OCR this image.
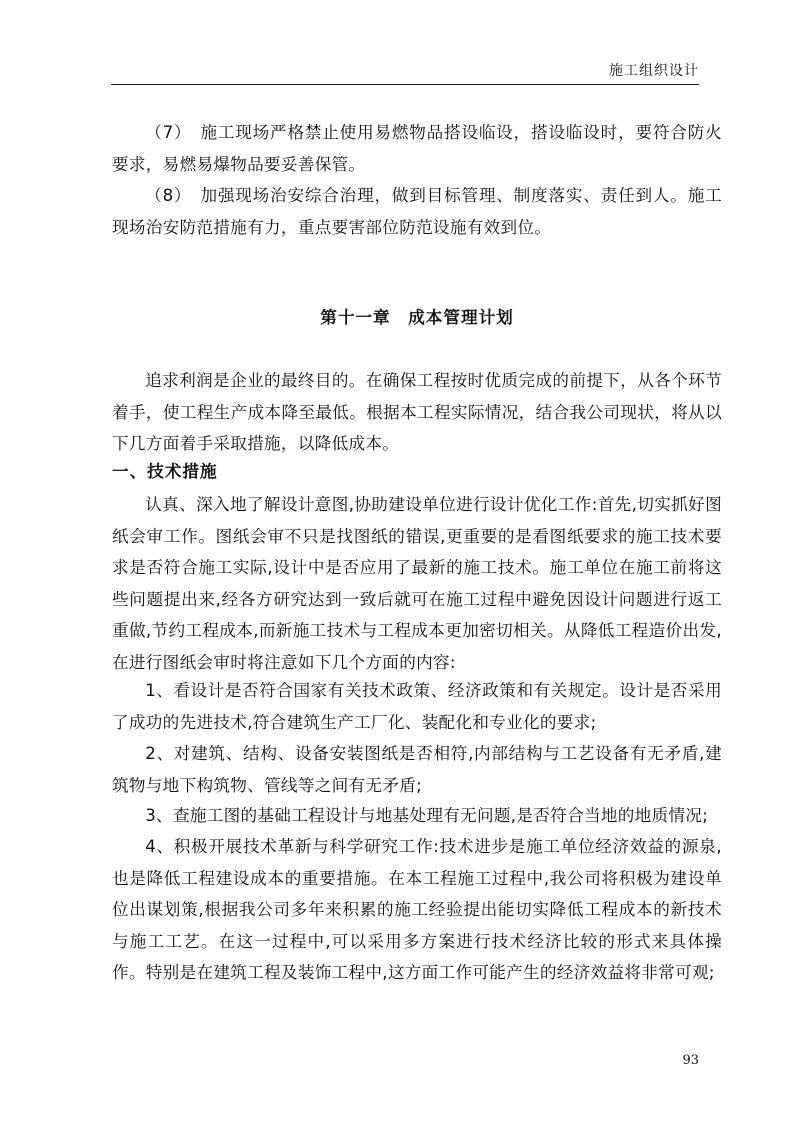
施工组织设计

（7）　施工现场严格禁止使用易燃物品搭设临设，搭设临设时，要符合防火要求，易燃易爆物品要妥善保管。

（8）　加强现场治安综合治理，做到目标管理、制度落实、责任到人。施工现场治安防范措施有力，重点要害部位防范设施有效到位。

第十一章　成本管理计划

追求利润是企业的最终目的。在确保工程按时优质完成的前提下，从各个环节着手，使工程生产成本降至最低。根据本工程实际情况，结合我公司现状，将从以下几方面着手采取措施，以降低成本。

一、技术措施

认真、深入地了解设计意图,协助建设单位进行设计优化工作:首先,切实抓好图纸会审工作。图纸会审不只是找图纸的错误,更重要的是看图纸要求的施工技术要求是否符合施工实际,设计中是否应用了最新的施工技术。施工单位在施工前将这些问题提出来,经各方研究达到一致后就可在施工过程中避免因设计问题进行返工重做,节约工程成本,而新施工技术与工程成本更加密切相关。从降低工程造价出发,在进行图纸会审时将注意如下几个方面的内容:

1、看设计是否符合国家有关技术政策、经济政策和有关规定。设计是否采用了成功的先进技术,符合建筑生产工厂化、装配化和专业化的要求;

2、对建筑、结构、设备安装图纸是否相符,内部结构与工艺设备有无矛盾,建筑物与地下构筑物、管线等之间有无矛盾;

3、查施工图的基础工程设计与地基处理有无问题,是否符合当地的地质情况;

4、积极开展技术革新与科学研究工作:技术进步是施工单位经济效益的源泉,也是降低工程建设成本的重要措施。在本工程施工过程中,我公司将积极为建设单位出谋划策,根据我公司多年来积累的施工经验提出能切实降低工程成本的新技术与施工工艺。在这一过程中,可以采用多方案进行技术经济比较的形式来具体操作。特别是在建筑工程及装饰工程中,这方面工作可能产生的经济效益将非常可观;

93
